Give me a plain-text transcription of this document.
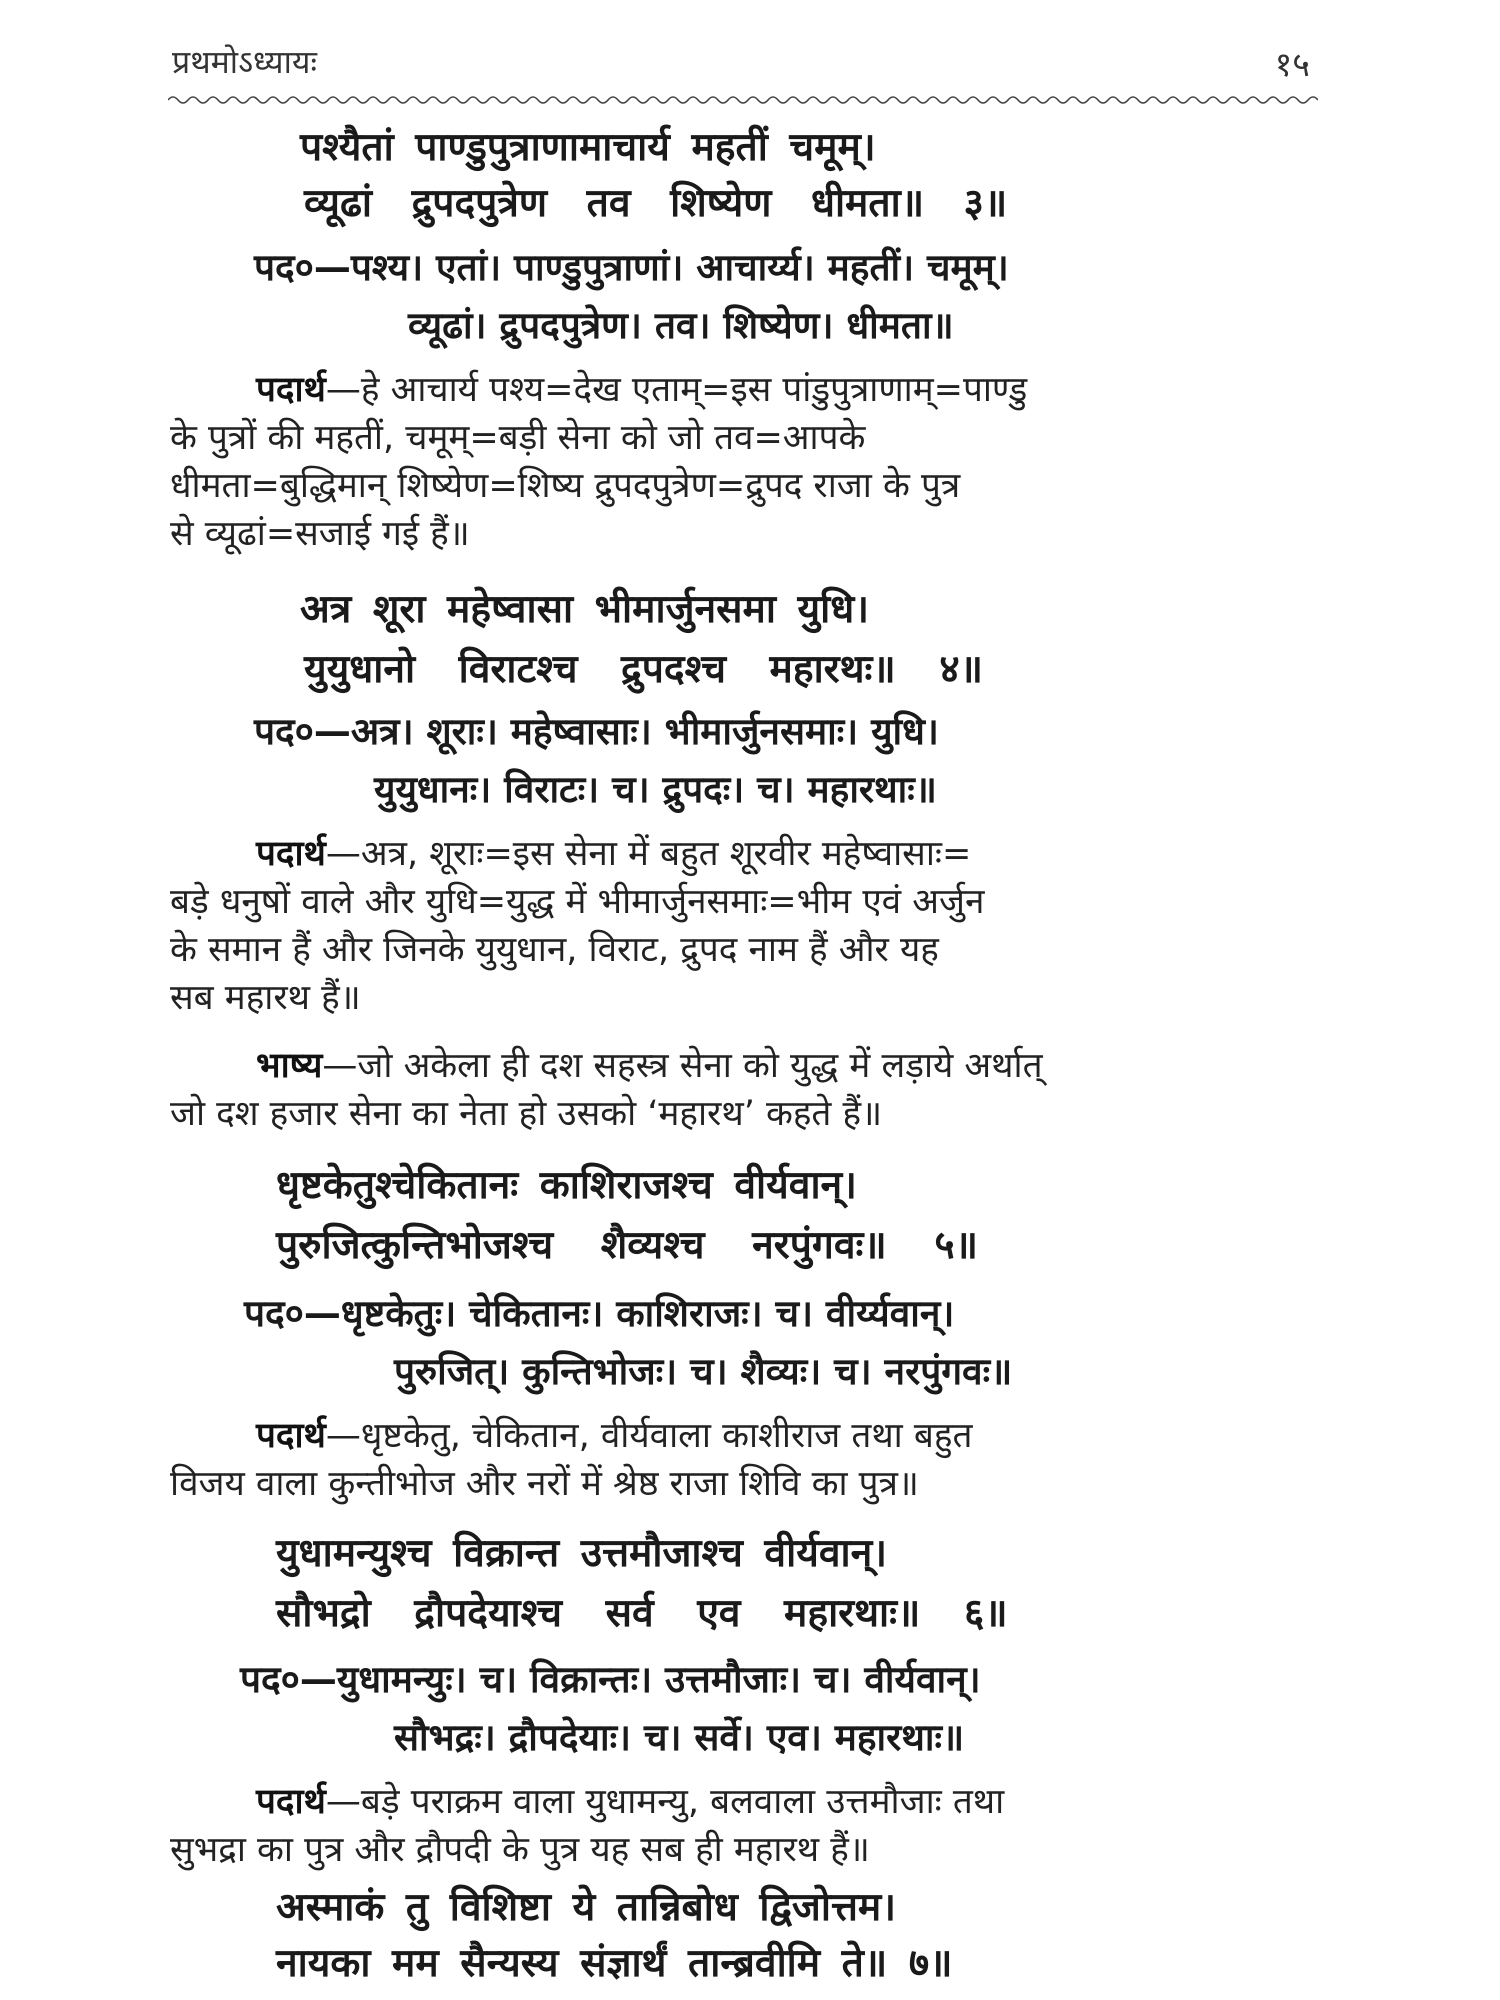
प्रथमोऽध्यायः	१५
पश्यैतां पाण्डुपुत्राणामाचार्य महतीं चमूम्।
व्यूढां द्रुपदपुत्रेण तव शिष्येण धीमता॥ ३॥
पद०—पश्य। एतां। पाण्डुपुत्राणां। आचार्य्य। महतीं। चमूम्।
व्यूढां। द्रुपदपुत्रेण। तव। शिष्येण। धीमता॥
पदार्थ—हे आचार्य पश्य=देख एताम्=इस पांडुपुत्राणाम्=पाण्डु
के पुत्रों की महतीं, चमूम्=बड़ी सेना को जो तव=आपके
धीमता=बुद्धिमान् शिष्येण=शिष्य द्रुपदपुत्रेण=द्रुपद राजा के पुत्र
से व्यूढां=सजाई गई हैं॥
अत्र शूरा महेष्वासा भीमार्जुनसमा युधि।
युयुधानो विराटश्च द्रुपदश्च महारथः॥ ४॥
पद०—अत्र। शूराः। महेष्वासाः। भीमार्जुनसमाः। युधि।
युयुधानः। विराटः। च। द्रुपदः। च। महारथाः॥
पदार्थ—अत्र, शूराः=इस सेना में बहुत शूरवीर महेष्वासाः=
बड़े धनुषों वाले और युधि=युद्ध में भीमार्जुनसमाः=भीम एवं अर्जुन
के समान हैं और जिनके युयुधान, विराट, द्रुपद नाम हैं और यह
सब महारथ हैं॥
भाष्य—जो अकेला ही दश सहस्त्र सेना को युद्ध में लड़ाये अर्थात्
जो दश हजार सेना का नेता हो उसको ‘महारथ’ कहते हैं॥
धृष्टकेतुश्चेकितानः काशिराजश्च वीर्यवान्।
पुरुजित्कुन्तिभोजश्च शैव्यश्च नरपुंगवः॥ ५॥
पद०—धृष्टकेतुः। चेकितानः। काशिराजः। च। वीर्य्यवान्।
पुरुजित्। कुन्तिभोजः। च। शैव्यः। च। नरपुंगवः॥
पदार्थ—धृष्टकेतु, चेकितान, वीर्यवाला काशीराज तथा बहुत
विजय वाला कुन्तीभोज और नरों में श्रेष्ठ राजा शिवि का पुत्र॥
युधामन्युश्च विक्रान्त उत्तमौजाश्च वीर्यवान्।
सौभद्रो द्रौपदेयाश्च सर्व एव महारथाः॥ ६॥
पद०—युधामन्युः। च। विक्रान्तः। उत्तमौजाः। च। वीर्यवान्।
सौभद्रः। द्रौपदेयाः। च। सर्वे। एव। महारथाः॥
पदार्थ—बड़े पराक्रम वाला युधामन्यु, बलवाला उत्तमौजाः तथा
सुभद्रा का पुत्र और द्रौपदी के पुत्र यह सब ही महारथ हैं॥
अस्माकं तु विशिष्टा ये तान्निबोध द्विजोत्तम।
नायका मम सैन्यस्य संज्ञार्थं तान्ब्रवीमि ते॥ ७॥
